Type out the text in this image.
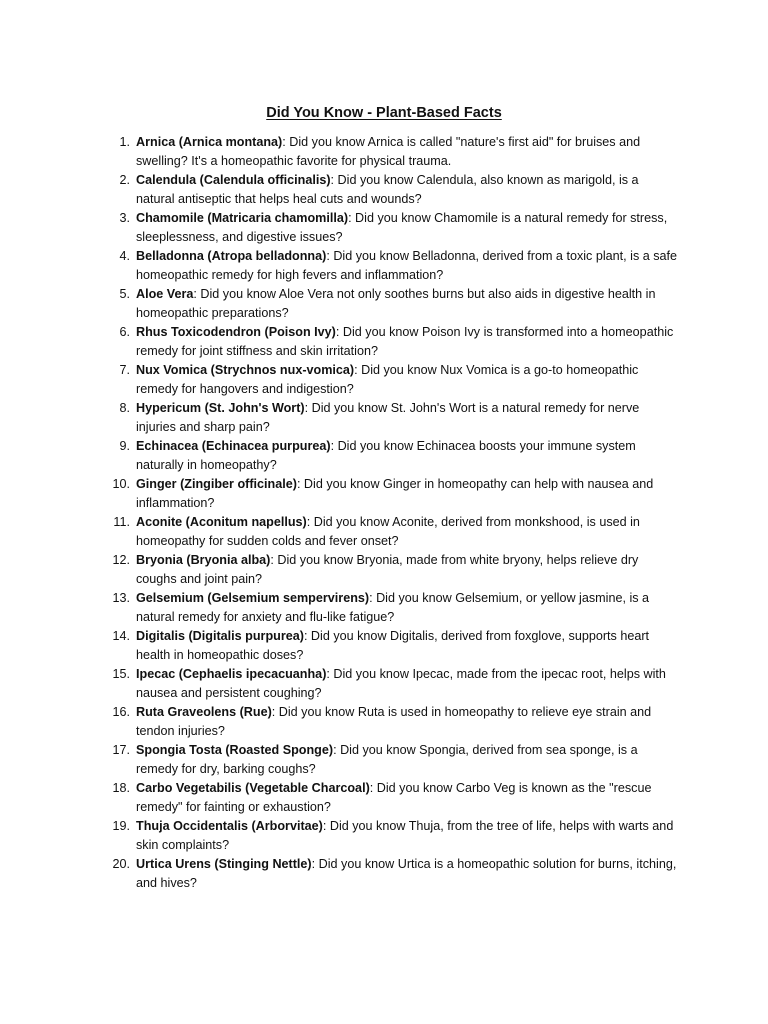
Did You Know - Plant-Based Facts
1. Arnica (Arnica montana): Did you know Arnica is called "nature's first aid" for bruises and swelling? It's a homeopathic favorite for physical trauma.
2. Calendula (Calendula officinalis): Did you know Calendula, also known as marigold, is a natural antiseptic that helps heal cuts and wounds?
3. Chamomile (Matricaria chamomilla): Did you know Chamomile is a natural remedy for stress, sleeplessness, and digestive issues?
4. Belladonna (Atropa belladonna): Did you know Belladonna, derived from a toxic plant, is a safe homeopathic remedy for high fevers and inflammation?
5. Aloe Vera: Did you know Aloe Vera not only soothes burns but also aids in digestive health in homeopathic preparations?
6. Rhus Toxicodendron (Poison Ivy): Did you know Poison Ivy is transformed into a homeopathic remedy for joint stiffness and skin irritation?
7. Nux Vomica (Strychnos nux-vomica): Did you know Nux Vomica is a go-to homeopathic remedy for hangovers and indigestion?
8. Hypericum (St. John's Wort): Did you know St. John's Wort is a natural remedy for nerve injuries and sharp pain?
9. Echinacea (Echinacea purpurea): Did you know Echinacea boosts your immune system naturally in homeopathy?
10. Ginger (Zingiber officinale): Did you know Ginger in homeopathy can help with nausea and inflammation?
11. Aconite (Aconitum napellus): Did you know Aconite, derived from monkshood, is used in homeopathy for sudden colds and fever onset?
12. Bryonia (Bryonia alba): Did you know Bryonia, made from white bryony, helps relieve dry coughs and joint pain?
13. Gelsemium (Gelsemium sempervirens): Did you know Gelsemium, or yellow jasmine, is a natural remedy for anxiety and flu-like fatigue?
14. Digitalis (Digitalis purpurea): Did you know Digitalis, derived from foxglove, supports heart health in homeopathic doses?
15. Ipecac (Cephaelis ipecacuanha): Did you know Ipecac, made from the ipecac root, helps with nausea and persistent coughing?
16. Ruta Graveolens (Rue): Did you know Ruta is used in homeopathy to relieve eye strain and tendon injuries?
17. Spongia Tosta (Roasted Sponge): Did you know Spongia, derived from sea sponge, is a remedy for dry, barking coughs?
18. Carbo Vegetabilis (Vegetable Charcoal): Did you know Carbo Veg is known as the "rescue remedy" for fainting or exhaustion?
19. Thuja Occidentalis (Arborvitae): Did you know Thuja, from the tree of life, helps with warts and skin complaints?
20. Urtica Urens (Stinging Nettle): Did you know Urtica is a homeopathic solution for burns, itching, and hives?
